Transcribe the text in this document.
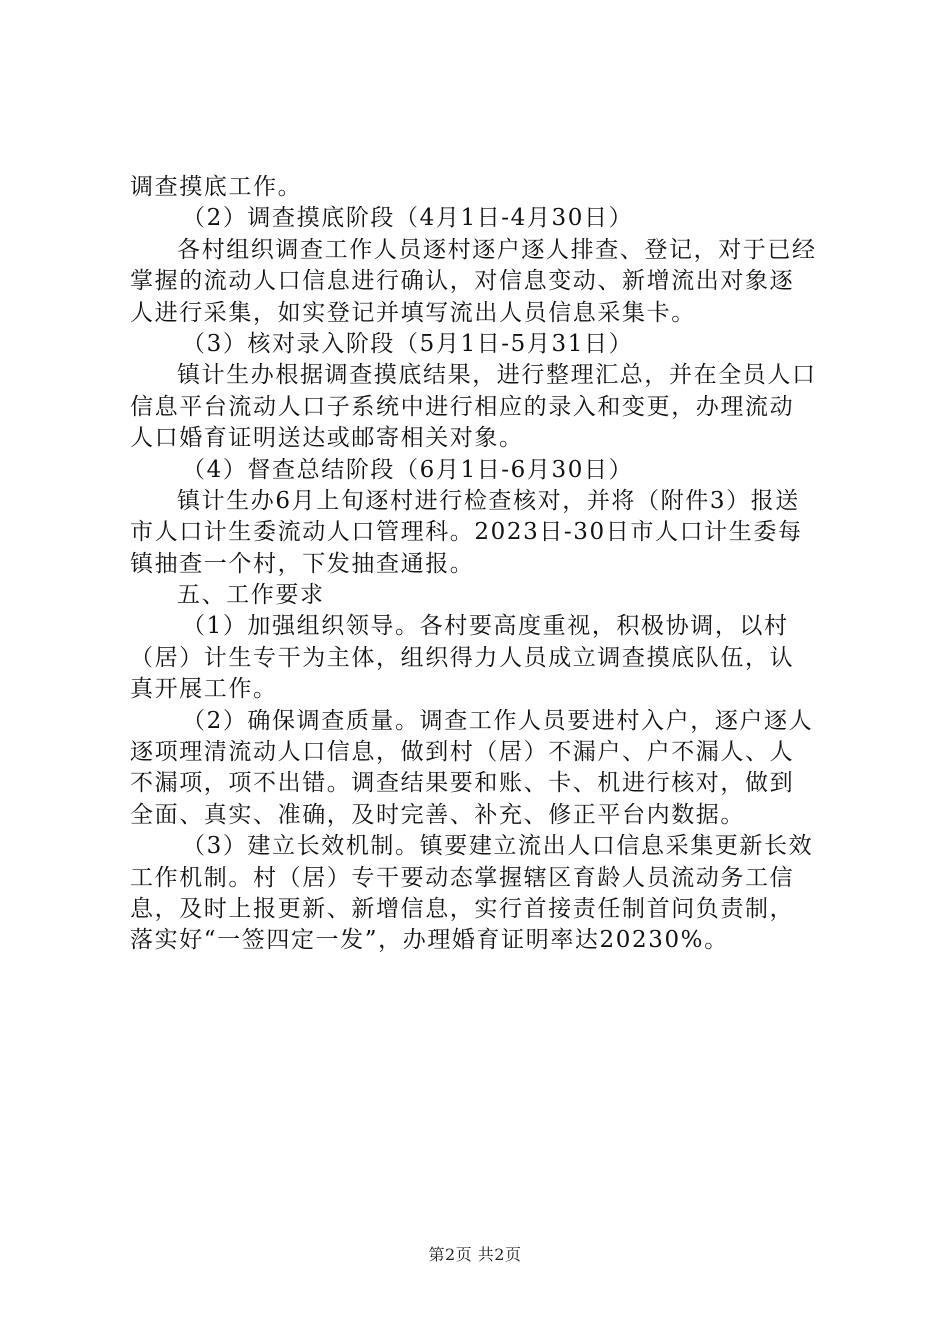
调查摸底工作。
（2）调查摸底阶段（4月1日-4月30日）
各村组织调查工作人员逐村逐户逐人排查、登记，对于已经
掌握的流动人口信息进行确认，对信息变动、新增流出对象逐
人进行采集，如实登记并填写流出人员信息采集卡。
（3）核对录入阶段（5月1日-5月31日）
镇计生办根据调查摸底结果，进行整理汇总，并在全员人口
信息平台流动人口子系统中进行相应的录入和变更，办理流动
人口婚育证明送达或邮寄相关对象。
（4）督查总结阶段（6月1日-6月30日）
镇计生办6月上旬逐村进行检查核对，并将（附件3）报送
市人口计生委流动人口管理科。2023日-30日市人口计生委每
镇抽查一个村，下发抽查通报。
五、工作要求
（1）加强组织领导。各村要高度重视，积极协调，以村
（居）计生专干为主体，组织得力人员成立调查摸底队伍，认
真开展工作。
（2）确保调查质量。调查工作人员要进村入户，逐户逐人
逐项理清流动人口信息，做到村（居）不漏户、户不漏人、人
不漏项，项不出错。调查结果要和账、卡、机进行核对，做到
全面、真实、准确，及时完善、补充、修正平台内数据。
（3）建立长效机制。镇要建立流出人口信息采集更新长效
工作机制。村（居）专干要动态掌握辖区育龄人员流动务工信
息，及时上报更新、新增信息，实行首接责任制首问负责制，
落实好“一签四定一发”，办理婚育证明率达20230%。
第2页 共2页
